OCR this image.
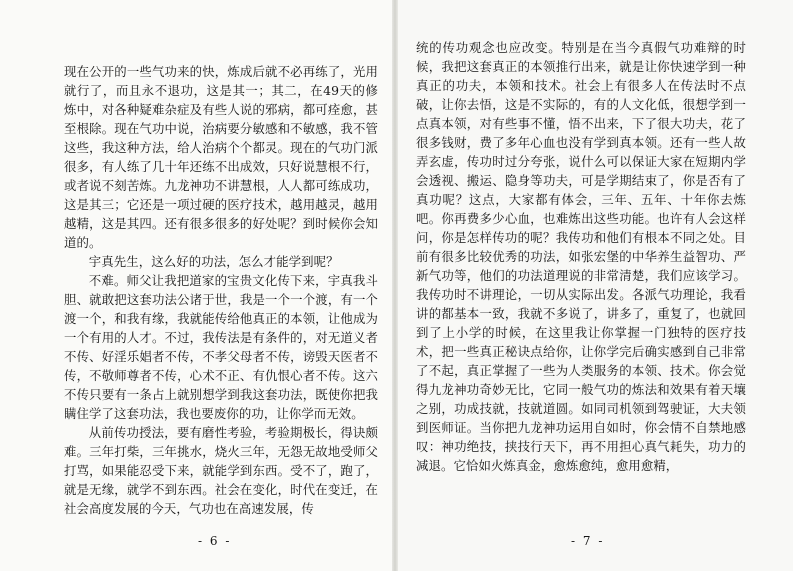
现在公开的一些气功来的快，炼成后就不必再练了，光用就行了，而且永不退功，这是其一；其二，在49天的修炼中，对各种疑难杂症及有些人说的邪病，都可痊愈，甚至根除。现在气功中说，治病要分敏感和不敏感，我不管这些，我这种方法，给人治病个个都灵。现在的气功门派很多，有人练了几十年还练不出成效，只好说慧根不行，或者说不刻苦炼。九龙神功不讲慧根，人人都可练成功，这是其三；它还是一项过硬的医疗技术，越用越灵，越用越精，这是其四。还有很多很多的好处呢？到时候你会知道的。

宇真先生，这么好的功法，怎么才能学到呢？

不难。师父让我把道家的宝贵文化传下来，宇真我斗胆、就敢把这套功法公诸于世，我是一个一个渡，有一个渡一个，和我有缘，我就能传给他真正的本领，让他成为一个有用的人才。不过，我传法是有条件的，对无道义者不传、好淫乐娼者不传，不孝父母者不传，谤毁天医者不传，不敬师尊者不传，心术不正、有仇恨心者不传。这六不传只要有一条占上就别想学到我这套功法，既使你把我瞒住学了这套功法，我也要废你的功，让你学而无效。

从前传功授法，要有磨性考验，考验期极长，得诀颇难。三年打柴，三年挑水，烧火三年，无怨无故地受师父打骂，如果能忍受下来，就能学到东西。受不了，跑了，就是无缘，就学不到东西。社会在变化，时代在变迁，在社会高度发展的今天，气功也在高速发展，传

- 6 -

统的传功观念也应改变。特别是在当今真假气功难辩的时候，我把这套真正的本领推行出来，就是让你快速学到一种真正的功夫，本领和技术。社会上有很多人在传法时不点破，让你去悟，这是不实际的，有的人文化低，很想学到一点真本领，对有些事不懂，悟不出来，下了很大功夫，花了很多钱财，费了多年心血也没有学到真本领。还有一些人故弄玄虚，传功时过分夸张，说什么可以保证大家在短期内学会透视、搬运、隐身等功夫，可是学期结束了，你是否有了真功呢？这点，大家都有体会，三年、五年、十年你去炼吧。你再费多少心血，也难炼出这些功能。也许有人会这样问，你是怎样传功的呢？我传功和他们有根本不同之处。目前有很多比较优秀的功法，如张宏堡的中华养生益智功、严新气功等，他们的功法道理说的非常清楚，我们应该学习。我传功时不讲理论，一切从实际出发。各派气功理论，我看讲的都基本一致，我就不多说了，讲多了，重复了，也就回到了上小学的时候，在这里我让你掌握一门独特的医疗技术，把一些真正秘诀点给你，让你学完后确实感到自己非常了不起，真正掌握了一些为人类服务的本领、技术。你会觉得九龙神功奇妙无比，它同一般气功的炼法和效果有着天壤之别，功成技就，技就道圆。如同司机领到驾驶证，大夫领到医师证。当你把九龙神功运用自如时，你会情不自禁地感叹：神功绝技，挟技行天下，再不用担心真气耗失，功力的减退。它恰如火炼真金，愈炼愈纯，愈用愈精，

- 7 -
